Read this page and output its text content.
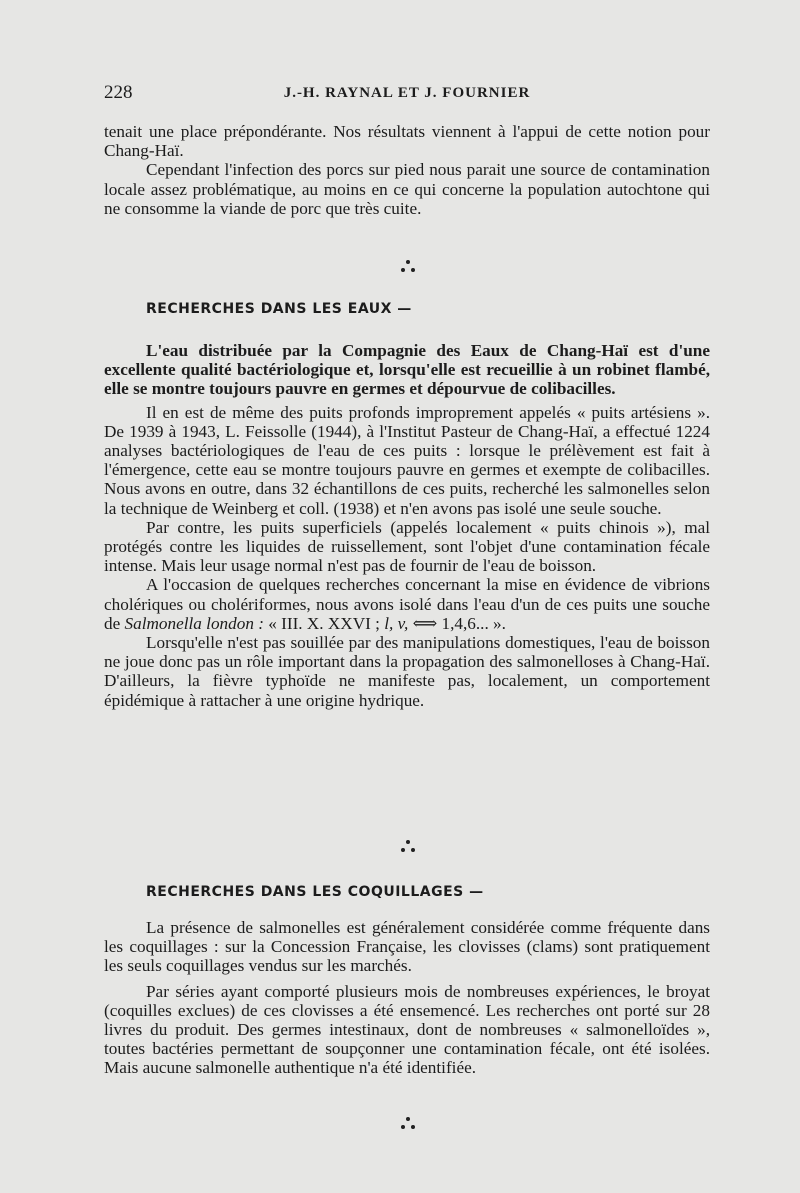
228	J.-H. RAYNAL ET J. FOURNIER

tenait une place prépondérante. Nos résultats viennent à l'appui de cette notion pour Chang-Haï.

Cependant l'infection des porcs sur pied nous parait une source de contamination locale assez problématique, au moins en ce qui concerne la population autochtone qui ne consomme la viande de porc que très cuite.

RECHERCHES DANS LES EAUX —

L'eau distribuée par la Compagnie des Eaux de Chang-Haï est d'une excellente qualité bactériologique et, lorsqu'elle est recueillie à un robinet flambé, elle se montre toujours pauvre en germes et dépourvue de colibacilles.

Il en est de même des puits profonds improprement appelés « puits artésiens ». De 1939 à 1943, L. Feissolle (1944), à l'Institut Pasteur de Chang-Haï, a effectué 1224 analyses bactériologiques de l'eau de ces puits : lorsque le prélèvement est fait à l'émergence, cette eau se montre toujours pauvre en germes et exempte de colibacilles. Nous avons en outre, dans 32 échantillons de ces puits, recherché les salmonelles selon la technique de Weinberg et coll. (1938) et n'en avons pas isolé une seule souche.

Par contre, les puits superficiels (appelés localement « puits chinois »), mal protégés contre les liquides de ruissellement, sont l'objet d'une contamination fécale intense. Mais leur usage normal n'est pas de fournir de l'eau de boisson.

A l'occasion de quelques recherches concernant la mise en évidence de vibrions cholériques ou cholériformes, nous avons isolé dans l'eau d'un de ces puits une souche de Salmonella london : « III. X. XXVI ; l, v, ⟺ 1,4,6... ».

Lorsqu'elle n'est pas souillée par des manipulations domestiques, l'eau de boisson ne joue donc pas un rôle important dans la propagation des salmonelloses à Chang-Haï. D'ailleurs, la fièvre typhoïde ne manifeste pas, localement, un comportement épidémique à rattacher à une origine hydrique.

RECHERCHES DANS LES COQUILLAGES —

La présence de salmonelles est généralement considérée comme fréquente dans les coquillages : sur la Concession Française, les clovisses (clams) sont pratiquement les seuls coquillages vendus sur les marchés.

Par séries ayant comporté plusieurs mois de nombreuses expériences, le broyat (coquilles exclues) de ces clovisses a été ensemencé. Les recherches ont porté sur 28 livres du produit. Des germes intestinaux, dont de nombreuses « salmonelloïdes », toutes bactéries permettant de soupçonner une contamination fécale, ont été isolées. Mais aucune salmonelle authentique n'a été identifiée.
